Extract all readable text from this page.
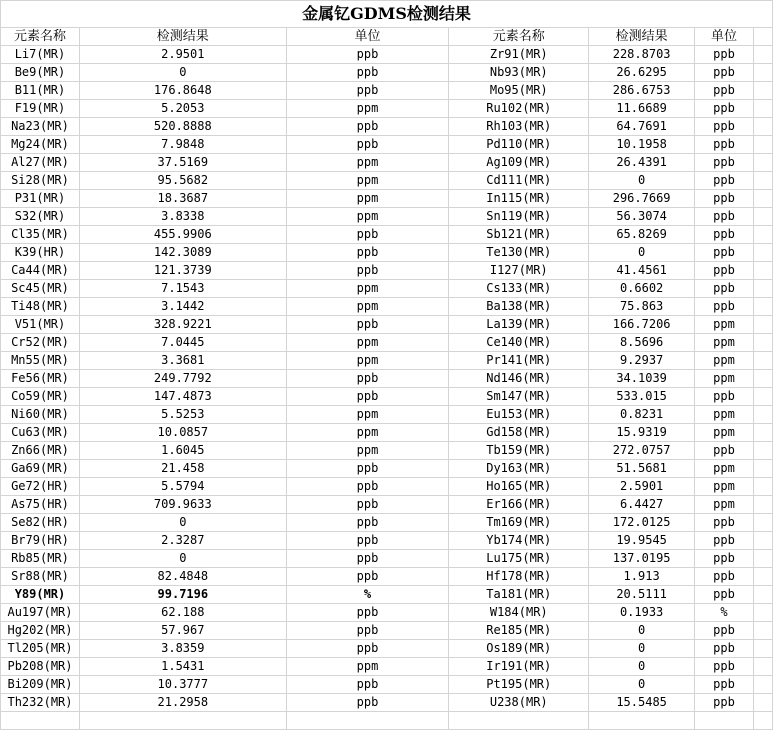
金属钇GDMS检测结果						
元素名称	检测结果	单位	元素名称	检测结果	单位	
Li7(MR)	2.9501	ppb	Zr91(MR)	228.8703	ppb	
Be9(MR)	0	ppb	Nb93(MR)	26.6295	ppb	
B11(MR)	176.8648	ppb	Mo95(MR)	286.6753	ppb	
F19(MR)	5.2053	ppm	Ru102(MR)	11.6689	ppb	
Na23(MR)	520.8888	ppb	Rh103(MR)	64.7691	ppb	
Mg24(MR)	7.9848	ppb	Pd110(MR)	10.1958	ppb	
Al27(MR)	37.5169	ppm	Ag109(MR)	26.4391	ppb	
Si28(MR)	95.5682	ppm	Cd111(MR)	0	ppb	
P31(MR)	18.3687	ppm	In115(MR)	296.7669	ppb	
S32(MR)	3.8338	ppm	Sn119(MR)	56.3074	ppb	
Cl35(MR)	455.9906	ppb	Sb121(MR)	65.8269	ppb	
K39(HR)	142.3089	ppb	Te130(MR)	0	ppb	
Ca44(MR)	121.3739	ppb	I127(MR)	41.4561	ppb	
Sc45(MR)	7.1543	ppm	Cs133(MR)	0.6602	ppb	
Ti48(MR)	3.1442	ppm	Ba138(MR)	75.863	ppb	
V51(MR)	328.9221	ppb	La139(MR)	166.7206	ppm	
Cr52(MR)	7.0445	ppm	Ce140(MR)	8.5696	ppm	
Mn55(MR)	3.3681	ppm	Pr141(MR)	9.2937	ppm	
Fe56(MR)	249.7792	ppb	Nd146(MR)	34.1039	ppm	
Co59(MR)	147.4873	ppb	Sm147(MR)	533.015	ppb	
Ni60(MR)	5.5253	ppm	Eu153(MR)	0.8231	ppm	
Cu63(MR)	10.0857	ppm	Gd158(MR)	15.9319	ppm	
Zn66(MR)	1.6045	ppm	Tb159(MR)	272.0757	ppb	
Ga69(MR)	21.458	ppb	Dy163(MR)	51.5681	ppm	
Ge72(HR)	5.5794	ppb	Ho165(MR)	2.5901	ppm	
As75(HR)	709.9633	ppb	Er166(MR)	6.4427	ppm	
Se82(HR)	0	ppb	Tm169(MR)	172.0125	ppb	
Br79(HR)	2.3287	ppb	Yb174(MR)	19.9545	ppb	
Rb85(MR)	0	ppb	Lu175(MR)	137.0195	ppb	
Sr88(MR)	82.4848	ppb	Hf178(MR)	1.913	ppb	
Y89(MR)	99.7196	%	Ta181(MR)	20.5111	ppb	
Au197(MR)	62.188	ppb	W184(MR)	0.1933	%	
Hg202(MR)	57.967	ppb	Re185(MR)	0	ppb	
Tl205(MR)	3.8359	ppb	Os189(MR)	0	ppb	
Pb208(MR)	1.5431	ppm	Ir191(MR)	0	ppb	
Bi209(MR)	10.3777	ppb	Pt195(MR)	0	ppb	
Th232(MR)	21.2958	ppb	U238(MR)	15.5485	ppb	
